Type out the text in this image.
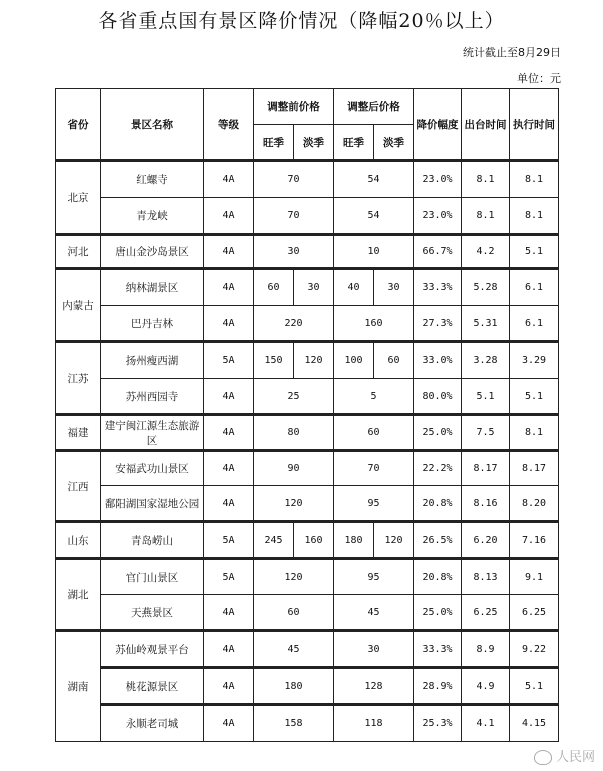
各省重点国有景区降价情况（降幅20％以上）
统计截止至8月29日
单位：元
省份	景区名称	等级	调整前价格		调整后价格		降价幅度	出台时间	执行时间
			旺季	淡季	旺季	淡季			
北京	红螺寺	4A	70		54		23.0%	8.1	8.1
	青龙峡	4A	70		54		23.0%	8.1	8.1
河北	唐山金沙岛景区	4A	30		10		66.7%	4.2	5.1
内蒙古	纳林湖景区	4A	60	30	40	30	33.3%	5.28	6.1
	巴丹吉林	4A	220		160		27.3%	5.31	6.1
江苏	扬州瘦西湖	5A	150	120	100	60	33.0%	3.28	3.29
	苏州西园寺	4A	25		5		80.0%	5.1	5.1
福建	建宁闽江源生态旅游区	4A	80		60		25.0%	7.5	8.1
江西	安福武功山景区	4A	90		70		22.2%	8.17	8.17
	鄱阳湖国家湿地公园	4A	120		95		20.8%	8.16	8.20
山东	青岛崂山	5A	245	160	180	120	26.5%	6.20	7.16
湖北	官门山景区	5A	120		95		20.8%	8.13	9.1
	天燕景区	4A	60		45		25.0%	6.25	6.25
湖南	苏仙岭观景平台	4A	45		30		33.3%	8.9	9.22
	桃花源景区	4A	180		128		28.9%	4.9	5.1
	永顺老司城	4A	158		118		25.3%	4.1	4.15
人民网
